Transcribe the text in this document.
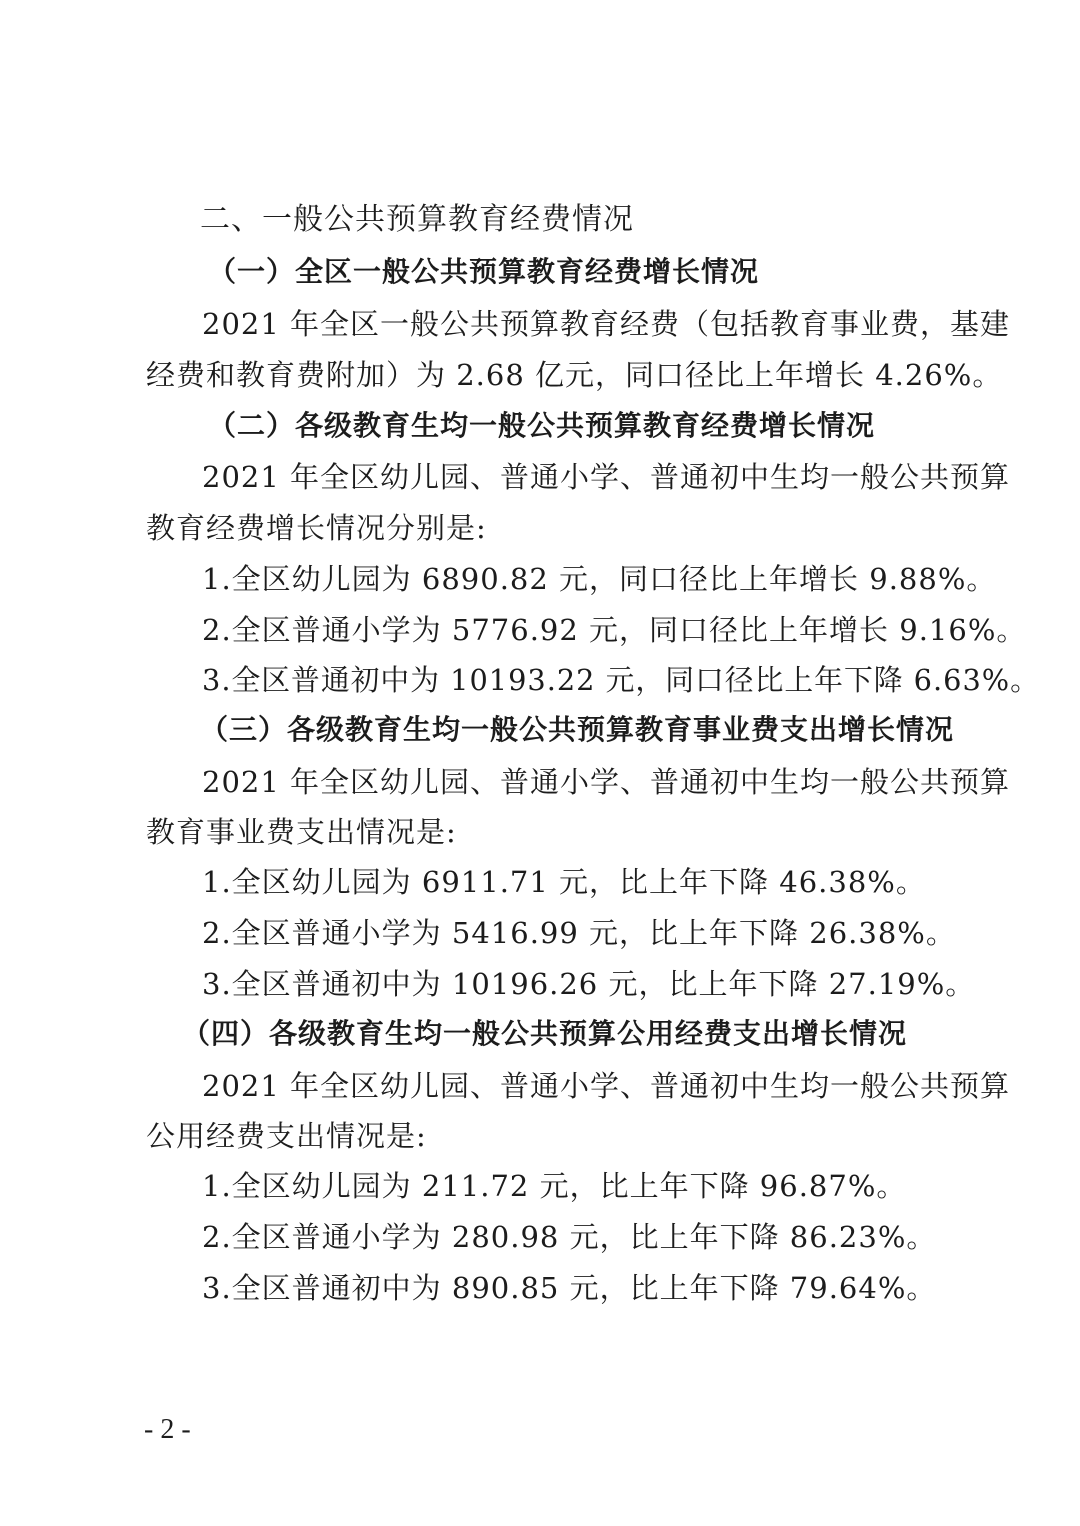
二、一般公共预算教育经费情况
（一）全区一般公共预算教育经费增长情况
2021 年全区一般公共预算教育经费（包括教育事业费，基建
经费和教育费附加）为 2.68 亿元，同口径比上年增长 4.26%。
（二）各级教育生均一般公共预算教育经费增长情况
2021 年全区幼儿园、普通小学、普通初中生均一般公共预算
教育经费增长情况分别是:
1.全区幼儿园为 6890.82 元，同口径比上年增长 9.88%。
2.全区普通小学为 5776.92 元，同口径比上年增长 9.16%。
3.全区普通初中为 10193.22 元，同口径比上年下降 6.63%。
（三）各级教育生均一般公共预算教育事业费支出增长情况
2021 年全区幼儿园、普通小学、普通初中生均一般公共预算
教育事业费支出情况是:
1.全区幼儿园为 6911.71 元，比上年下降 46.38%。
2.全区普通小学为 5416.99 元，比上年下降 26.38%。
3.全区普通初中为 10196.26 元，比上年下降 27.19%。
（四）各级教育生均一般公共预算公用经费支出增长情况
2021 年全区幼儿园、普通小学、普通初中生均一般公共预算
公用经费支出情况是:
1.全区幼儿园为 211.72 元，比上年下降 96.87%。
2.全区普通小学为 280.98 元，比上年下降 86.23%。
3.全区普通初中为 890.85 元，比上年下降 79.64%。
- 2 -
